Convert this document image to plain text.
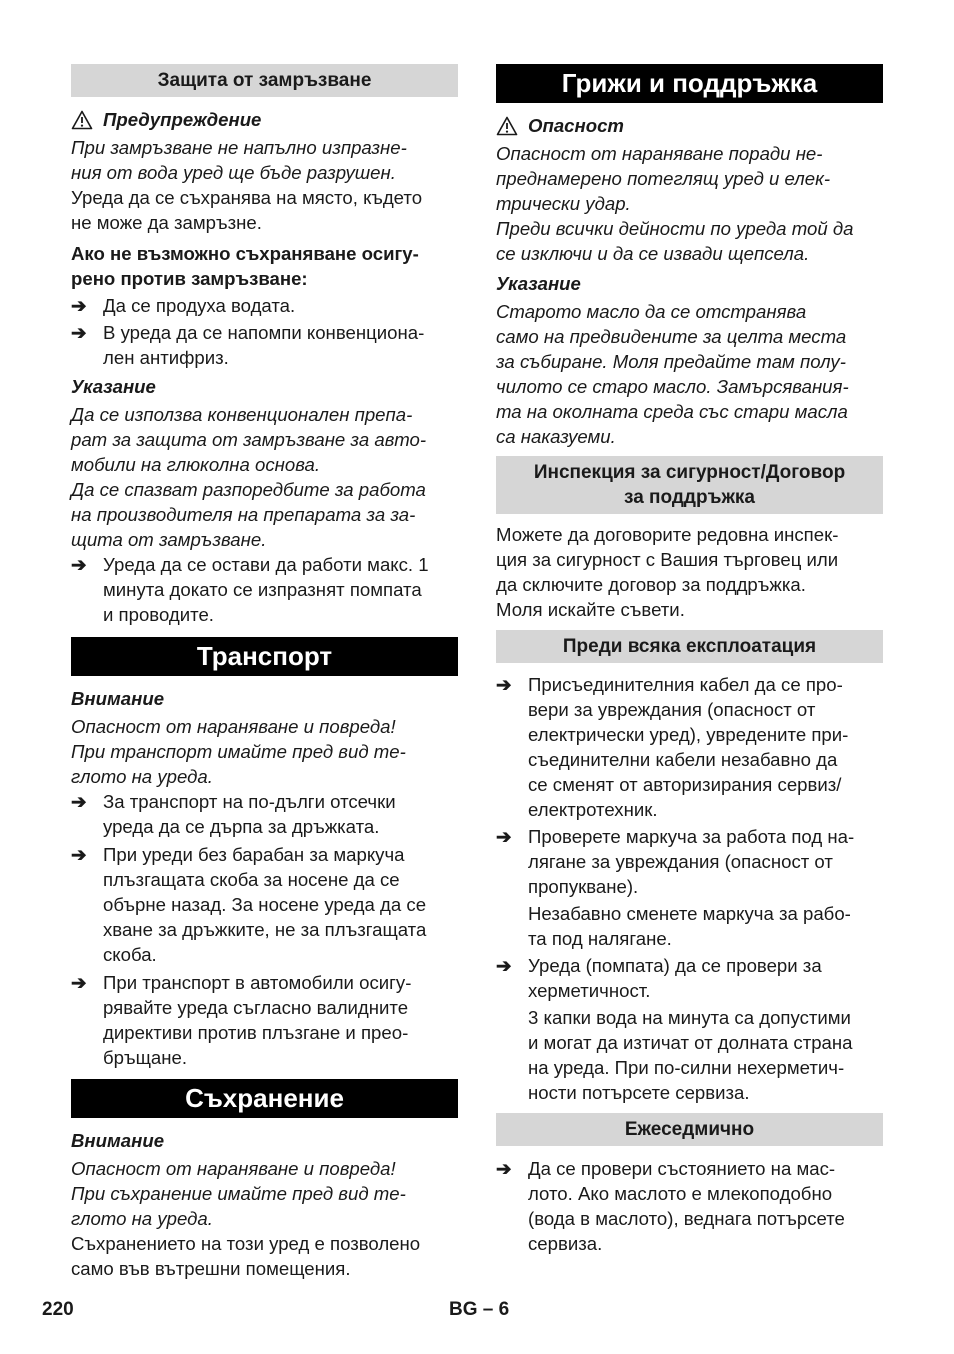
Защита от замръзване
Предупреждение

При замръзване не напълно изпразне-

ния от вода уред ще бъде разрушен.

Уреда да се съхранява на място, където

не може да замръзне.

Ако не възможно съхраняване осигу-

рено против замръзване:

➔ Да се продуха водата.

➔ В уреда да се напомпи конвенциона-

лен антифриз.

Указание

Да се използва конвенционален препа-

рат за защита от замръзване за авто-

мобили на глюколна основа.

Да се спазват разпоредбите за работа

на производителя на препарата за за-

щита от замръзване.

➔ Уреда да се остави да работи макс. 1

минута докато се изпразнят помпата

и проводите.

Транспорт
Внимание

Опасност от нараняване и повреда!

При транспорт имайте пред вид те-

глото на уреда.

➔ За транспорт на по-дълги отсечки

уреда да се дърпа за дръжката.

➔ При уреди без барабан за маркуча

плъзгащата скоба за носене да се

обърне назад. За носене уреда да се

хване за дръжките, не за плъзгащата

скоба.

➔ При транспорт в автомобили осигу-

рявайте уреда съгласно валидните

директиви против плъзгане и прео-

бръщане.

Съхранение
Внимание

Опасност от нараняване и повреда!

При съхранение имайте пред вид те-

глото на уреда.

Съхранението на този уред е позволено

само във вътрешни помещения.

Грижи и поддръжка
Опасност

Опасност от нараняване поради не-

преднамерено потеглящ уред и елек-

трически удар.

Преди всички дейности по уреда той да

се изключи и да се извади щепсела.

Указание

Старото масло да се отстранява

само на предвидените за целта места

за събиране. Моля предайте там полу-

чилото се старо масло. Замърсявания-

та на околната среда със стари масла

са наказуеми.

Инспекция за сигурност/Договор
за поддръжка

Можете да договорите редовна инспек-

ция за сигурност с Вашия търговец или

да сключите договор за поддръжка.

Моля искайте съвети.

Преди всяка експлоатация
➔ Присъединителния кабел да се про-

вери за увреждания (опасност от

електрически уред), увредените при-

съединителни кабели незабавно да

се сменят от авторизирания сервиз/

електротехник.

➔ Проверете маркуча за работа под на-

лягане за увреждания (опасност от

пропукване).

Незабавно сменете маркуча за рабо-

та под налягане.

➔ Уреда (помпата) да се провери за

херметичност.

3 капки вода на минута са допустими

и могат да изтичат от долната страна

на уреда. При по-силни нехерметич-

ности потърсете сервиза.

Ежеседмично
➔ Да се провери състоянието на мас-

лото. Ако маслото е млекоподобно

(вода в маслото), веднага потърсете

сервиза.

220	BG – 6
